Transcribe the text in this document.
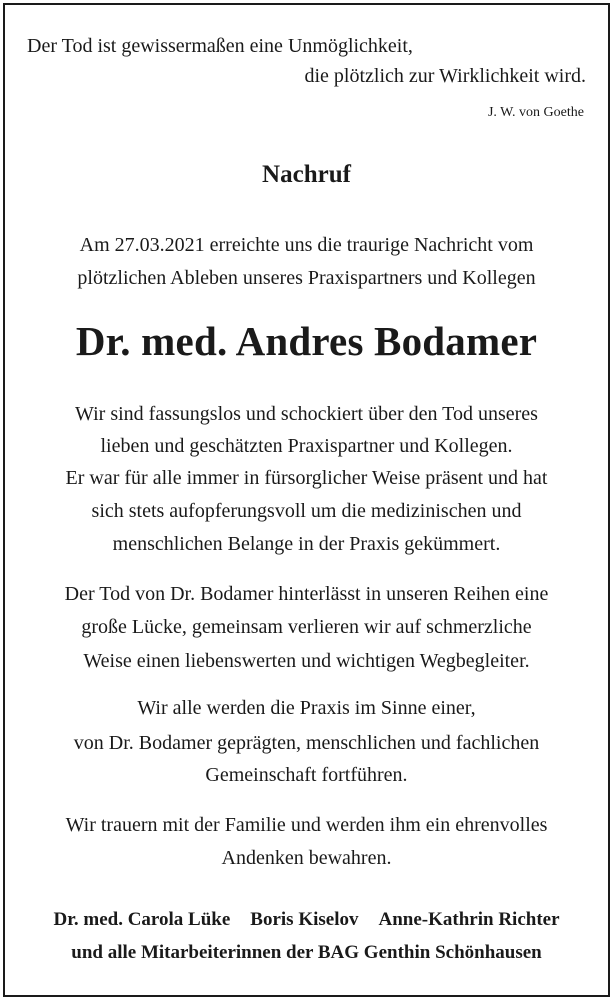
Der Tod ist gewissermaßen eine Unmöglichkeit,
die plötzlich zur Wirklichkeit wird.
J. W. von Goethe
Nachruf
Am 27.03.2021 erreichte uns die traurige Nachricht vom
plötzlichen Ableben unseres Praxispartners und Kollegen
Dr. med. Andres Bodamer
Wir sind fassungslos und schockiert über den Tod unseres
lieben und geschätzten Praxispartner und Kollegen.
Er war für alle immer in fürsorglicher Weise präsent und hat
sich stets aufopferungsvoll um die medizinischen und
menschlichen Belange in der Praxis gekümmert.
Der Tod von Dr. Bodamer hinterlässt in unseren Reihen eine
große Lücke, gemeinsam verlieren wir auf schmerzliche
Weise einen liebenswerten und wichtigen Wegbegleiter.
Wir alle werden die Praxis im Sinne einer,
von Dr. Bodamer geprägten, menschlichen und fachlichen
Gemeinschaft fortführen.
Wir trauern mit der Familie und werden ihm ein ehrenvolles
Andenken bewahren.
Dr. med. Carola Lüke Boris Kiselov Anne-Kathrin Richter
und alle Mitarbeiterinnen der BAG Genthin Schönhausen
